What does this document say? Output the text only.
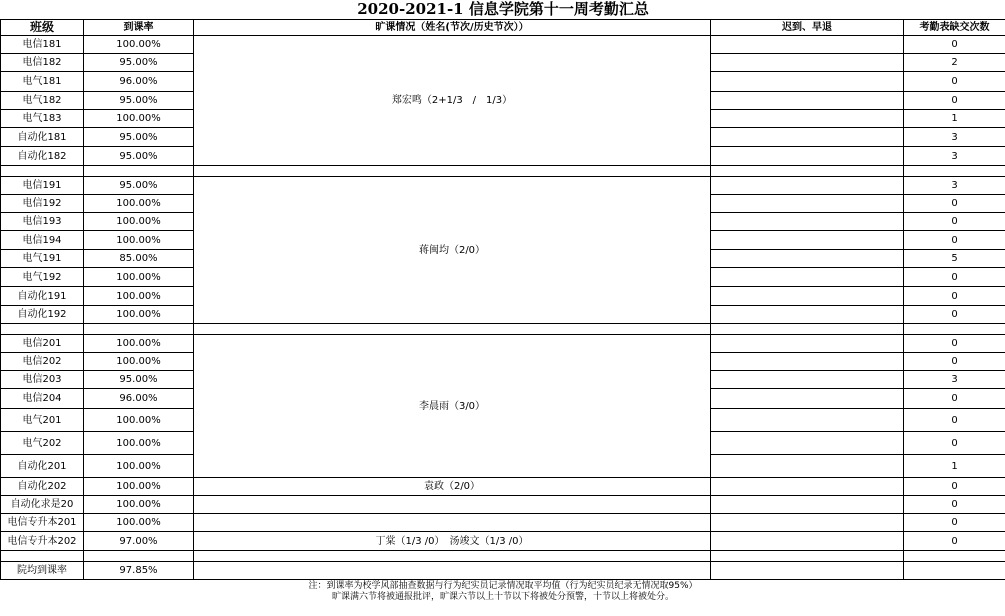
2020-2021-1 信息学院第十一周考勤汇总				
班级	到课率	旷课情况（姓名(节次/历史节次））	迟到、早退	考勤表缺交次数
电信181	100.00%	郑宏鸣（2+1/3　/　1/3）		0
电信182	95.00%			2
电气181	96.00%			0
电气182	95.00%			0
电气183	100.00%			1
自动化181	95.00%			3
自动化182	95.00%			3

电信191	95.00%	蒋闽均（2/0）		3
电信192	100.00%			0
电信193	100.00%			0
电信194	100.00%			0
电气191	85.00%			5
电气192	100.00%			0
自动化191	100.00%			0
自动化192	100.00%			0

电信201	100.00%	李晨雨（3/0）		0
电信202	100.00%			0
电信203	95.00%			3
电信204	96.00%			0
电气201	100.00%			0
电气202	100.00%			0
自动化201	100.00%			1
自动化202	100.00%	袁政（2/0）		0
自动化求是20	100.00%			0
电信专升本201	100.00%			0
电信专升本202	97.00%	丁棠（1/3 /0）　汤竣文（1/3 /0）		0

院均到课率	97.85%			

注：到课率为校学风部抽查数据与行为纪实员记录情况取平均值（行为纪实员纪录无情况取95%）
旷课满六节将被通报批评，旷课六节以上十节以下将被处分预警，十节以上将被处分。				
